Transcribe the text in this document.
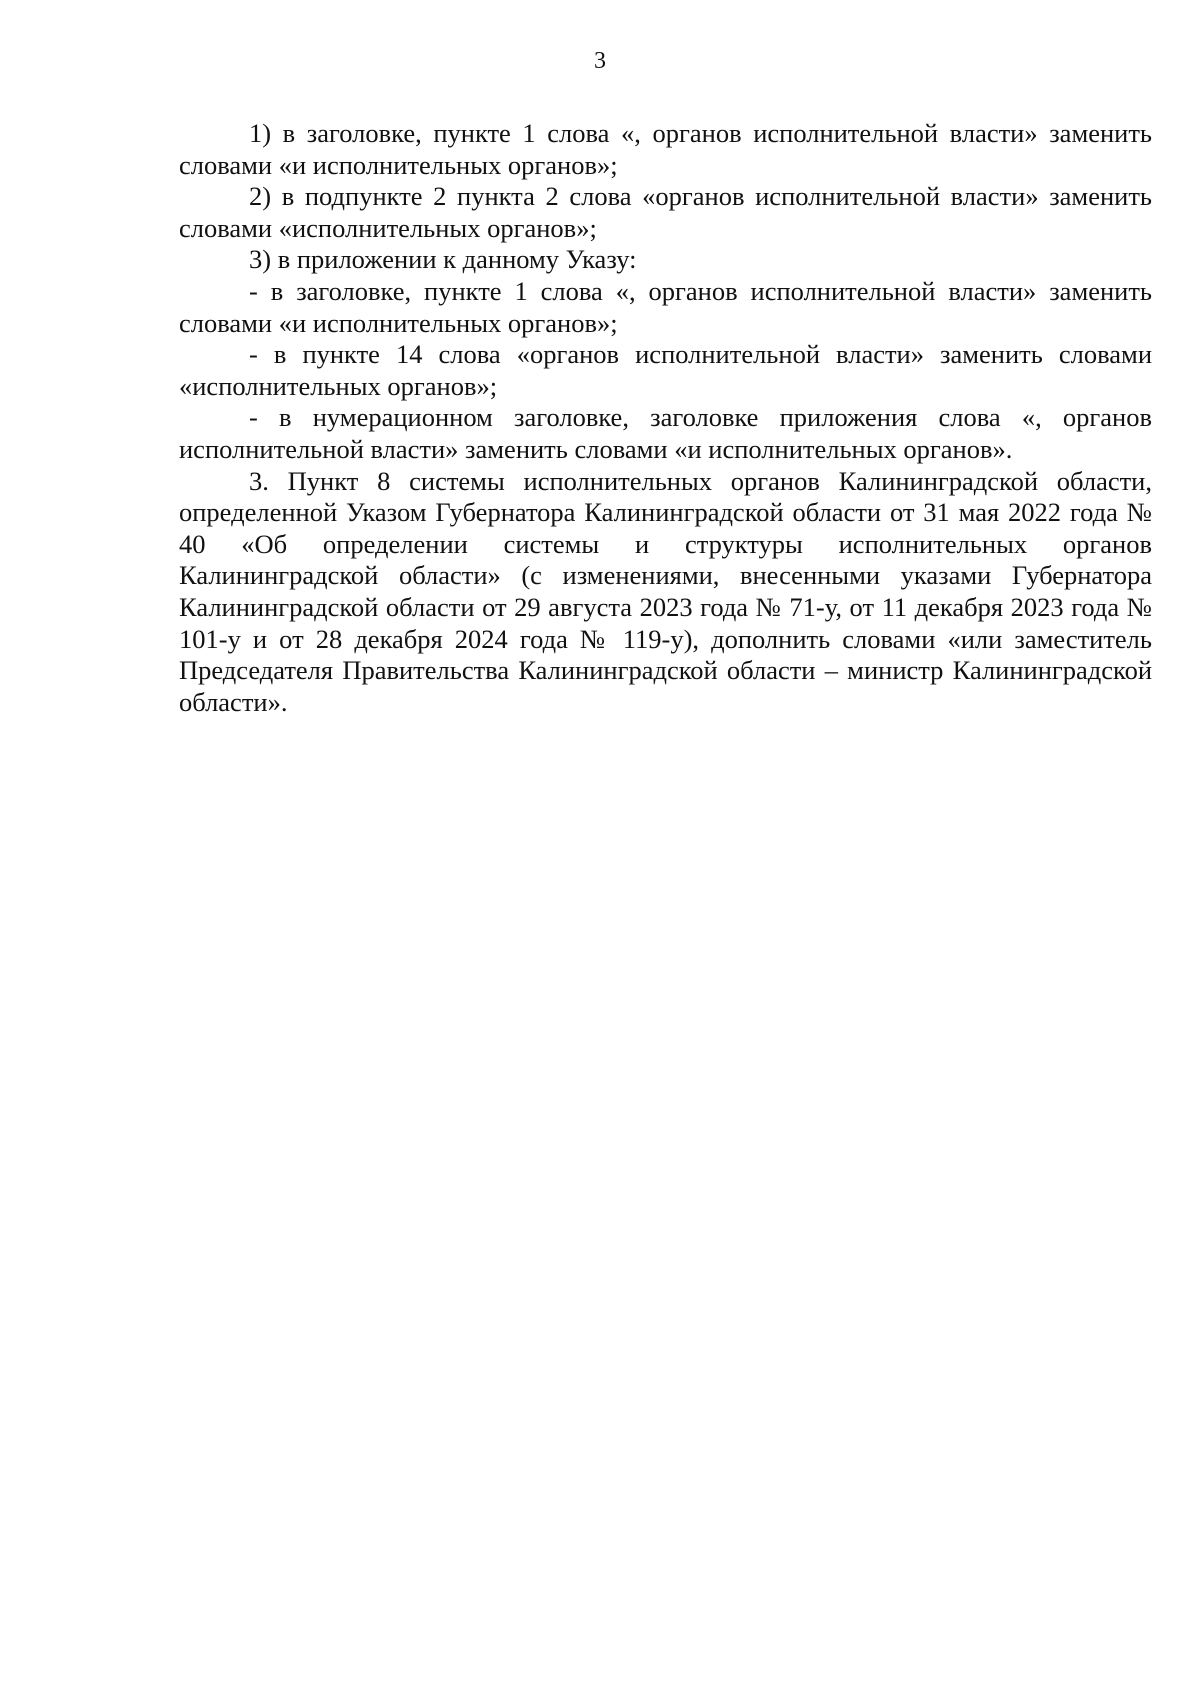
3

1) в заголовке, пункте 1 слова «, органов исполнительной власти» заменить словами «и исполнительных органов»;

2) в подпункте 2 пункта 2 слова «органов исполнительной власти» заменить словами «исполнительных органов»;

3) в приложении к данному Указу:

- в заголовке, пункте 1 слова «, органов исполнительной власти» заменить словами «и исполнительных органов»;

- в пункте 14 слова «органов исполнительной власти» заменить словами «исполнительных органов»;

- в нумерационном заголовке, заголовке приложения слова «, органов исполнительной власти» заменить словами «и исполнительных органов».

3. Пункт 8 системы исполнительных органов Калининградской области, определенной Указом Губернатора Калининградской области от 31 мая 2022 года № 40 «Об определении системы и структуры исполнительных органов Калининградской области» (с изменениями, внесенными указами Губернатора Калининградской области от 29 августа 2023 года № 71-у, от 11 декабря 2023 года № 101-у и от 28 декабря 2024 года № 119-у), дополнить словами «или заместитель Председателя Правительства Калининградской области – министр Калининградской области».
